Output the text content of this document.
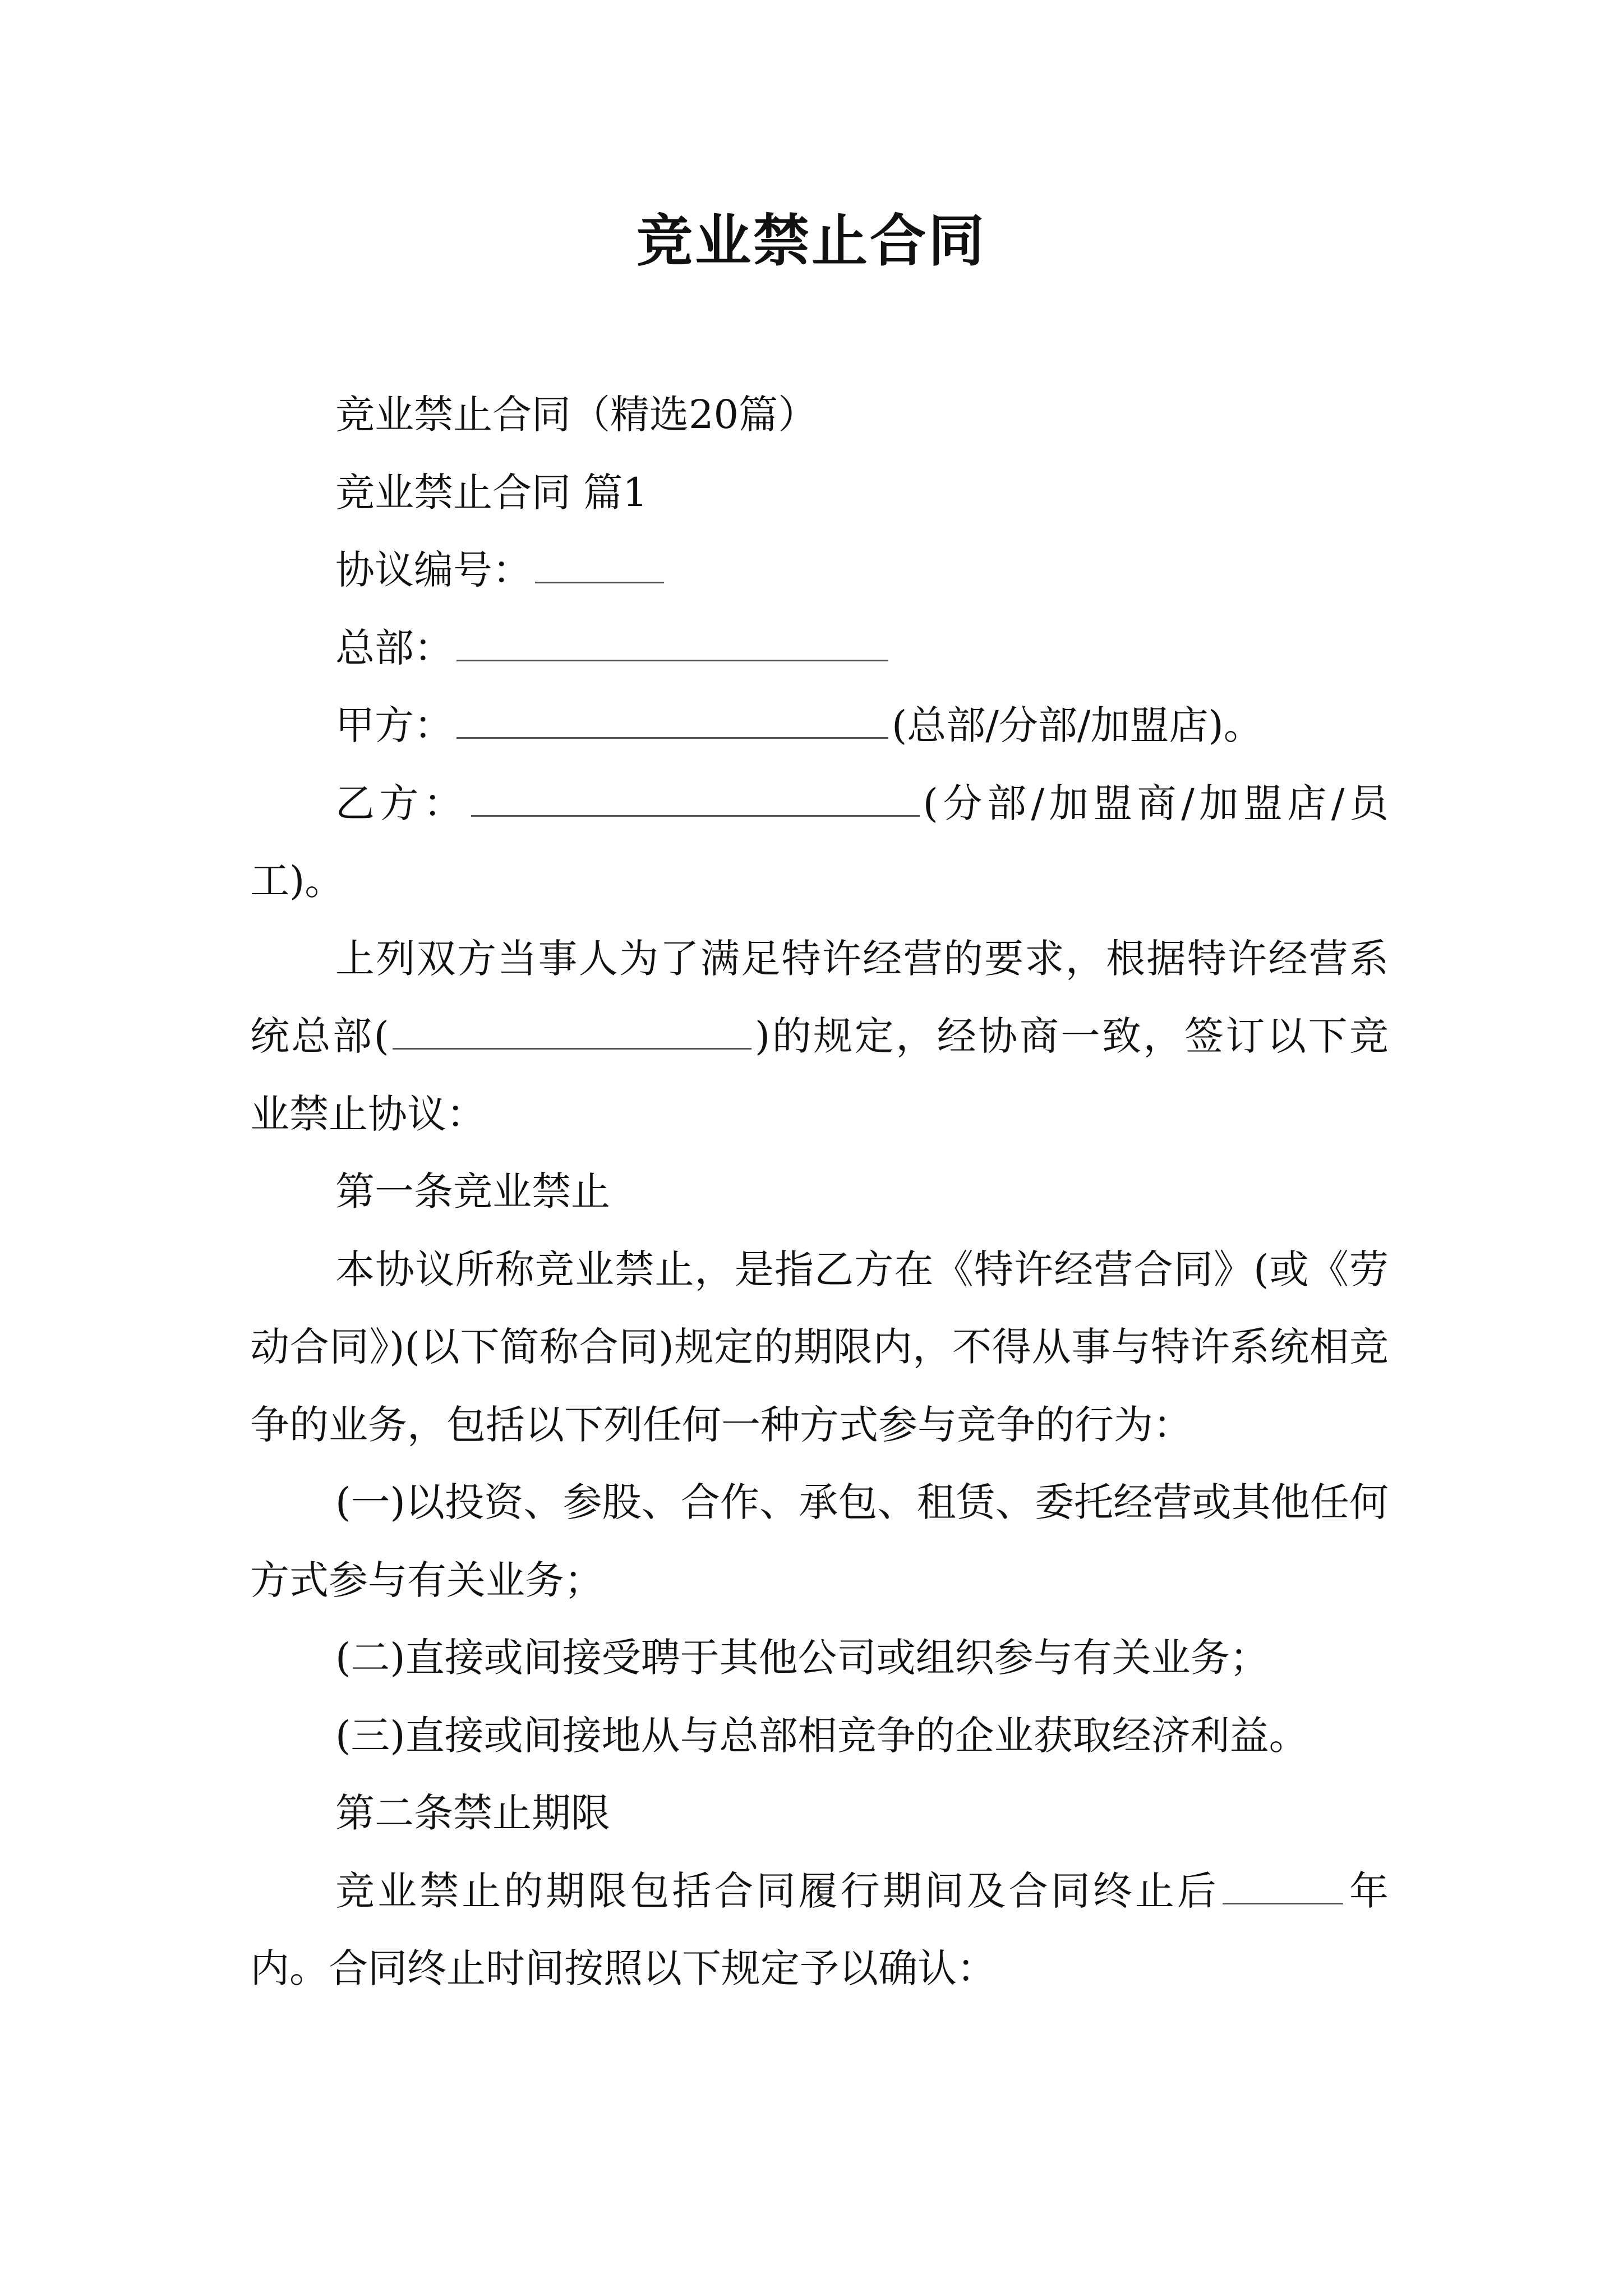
竞业禁止合同

竞业禁止合同（精选20篇）

竞业禁止合同 篇1

协议编号：

总部：

甲方：	(总部/分部/加盟店)。

乙方：	(分部/加盟商/加盟店/员工)。

上列双方当事人为了满足特许经营的要求，根据特许经营系统总部(	)的规定，经协商一致，签订以下竞业禁止协议：

第一条竞业禁止

本协议所称竞业禁止，是指乙方在《特许经营合同》(或《劳动合同》)(以下简称合同)规定的期限内，不得从事与特许系统相竞争的业务，包括以下列任何一种方式参与竞争的行为：

(一)以投资、参股、合作、承包、租赁、委托经营或其他任何方式参与有关业务；

(二)直接或间接受聘于其他公司或组织参与有关业务；

(三)直接或间接地从与总部相竞争的企业获取经济利益。

第二条禁止期限

竞业禁止的期限包括合同履行期间及合同终止后	年内。合同终止时间按照以下规定予以确认：
